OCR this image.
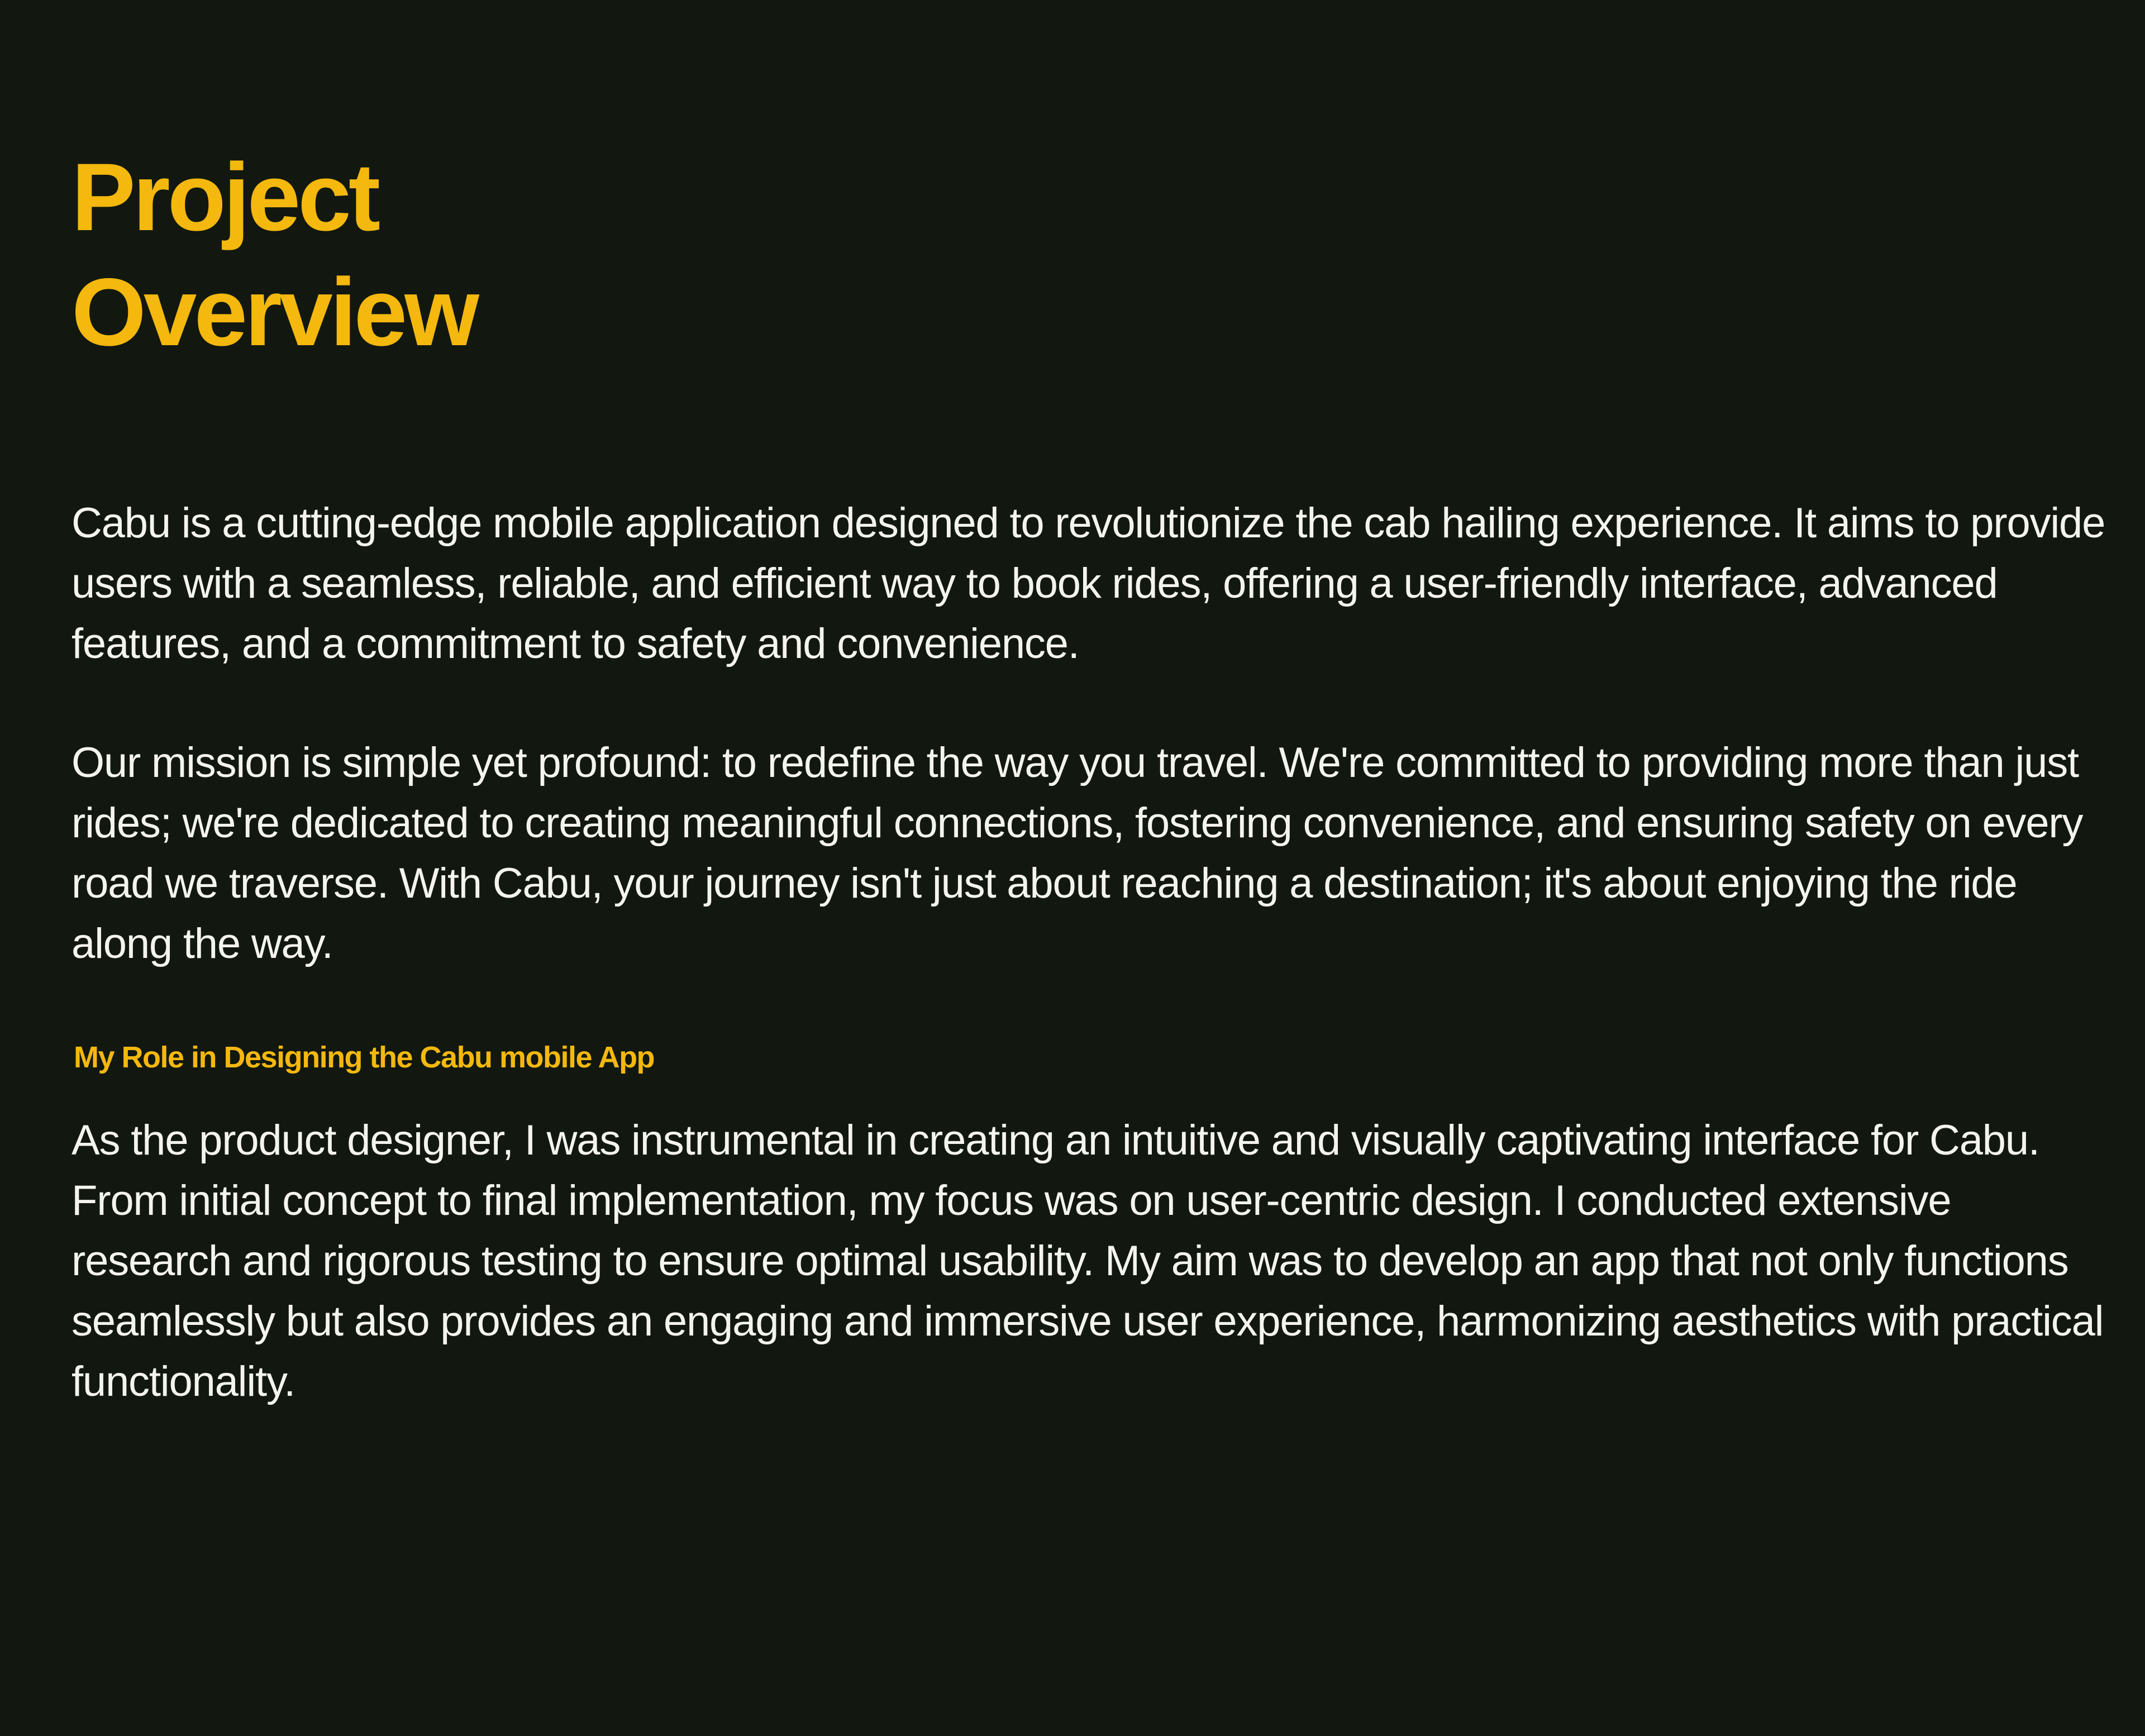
Project
Overview

Cabu is a cutting-edge mobile application designed to revolutionize the cab hailing experience. It aims to provide users with a seamless, reliable, and efficient way to book rides, offering a user-friendly interface, advanced features, and a commitment to safety and convenience.

Our mission is simple yet profound: to redefine the way you travel. We're committed to providing more than just rides; we're dedicated to creating meaningful connections, fostering convenience, and ensuring safety on every road we traverse. With Cabu, your journey isn't just about reaching a destination; it's about enjoying the ride along the way.

My Role in Designing the Cabu mobile App

As the product designer, I was instrumental in creating an intuitive and visually captivating interface for Cabu. From initial concept to final implementation, my focus was on user-centric design. I conducted extensive research and rigorous testing to ensure optimal usability. My aim was to develop an app that not only functions seamlessly but also provides an engaging and immersive user experience, harmonizing aesthetics with practical functionality.
